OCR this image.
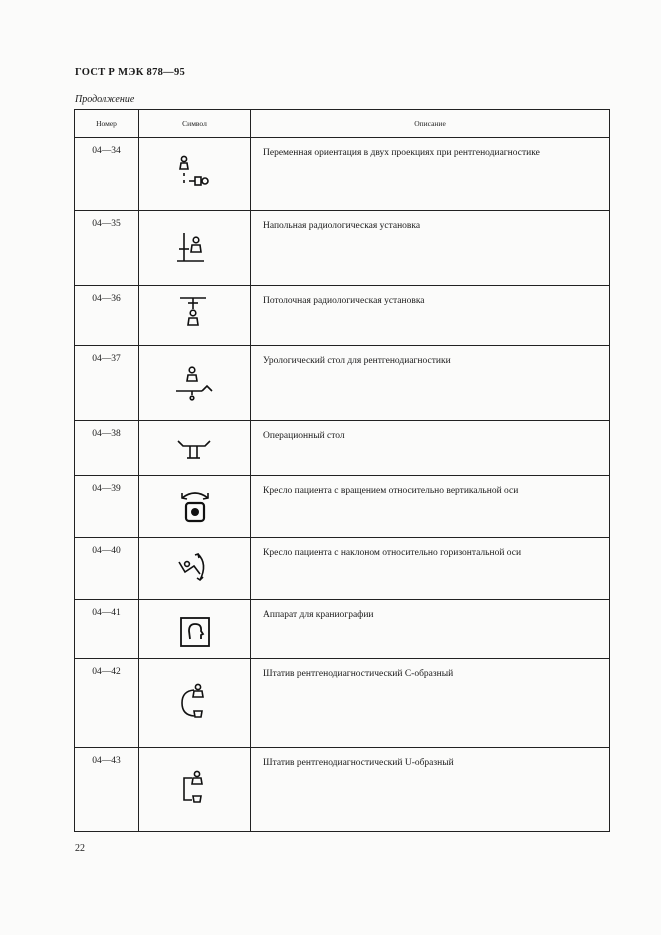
ГОСТ Р МЭК 878—95
Продолжение
Номер	Символ	Описание

04—34		Переменная ориентация в двух проекциях при рентгенодиагностике

04—35		Напольная радиологическая установка

04—36		Потолочная радиологическая установка

04—37		Урологический стол для рентгенодиагностики

04—38		Операционный стол

04—39		Кресло пациента с вращением относительно вертикальной оси

04—40		Кресло пациента с наклоном относительно горизонтальной оси

04—41		Аппарат для краниографии

04—42		Штатив рентгенодиагностический С-образный

04—43		Штатив рентгенодиагностический U-образный
22
